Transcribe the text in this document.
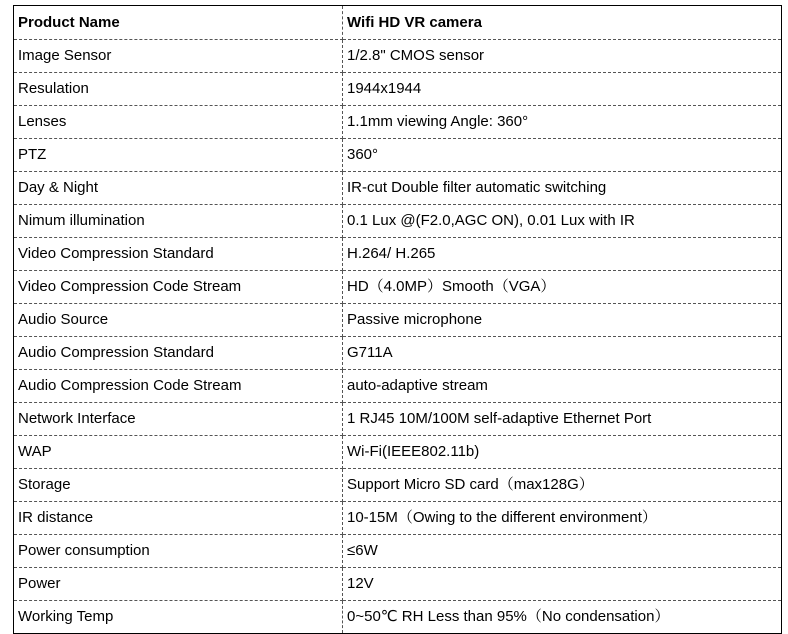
Product Name	Wifi HD VR camera
Image Sensor	1/2.8" CMOS sensor
Resulation	1944x1944
Lenses	1.1mm viewing Angle: 360°
PTZ	360°
Day & Night	IR-cut Double filter automatic switching
Nimum illumination	0.1 Lux @(F2.0,AGC ON), 0.01 Lux with IR
Video Compression Standard	H.264/ H.265
Video Compression Code Stream	HD（4.0MP）Smooth（VGA）
Audio Source	Passive microphone
Audio Compression Standard	G711A
Audio Compression Code Stream	auto-adaptive stream
Network Interface	1 RJ45 10M/100M self-adaptive Ethernet Port
WAP	Wi-Fi(IEEE802.11b)
Storage	Support Micro SD card（max128G）
IR distance	10-15M（Owing to the different environment）
Power consumption	≤6W
Power	12V
Working Temp	0~50℃ RH Less than 95%（No condensation）
